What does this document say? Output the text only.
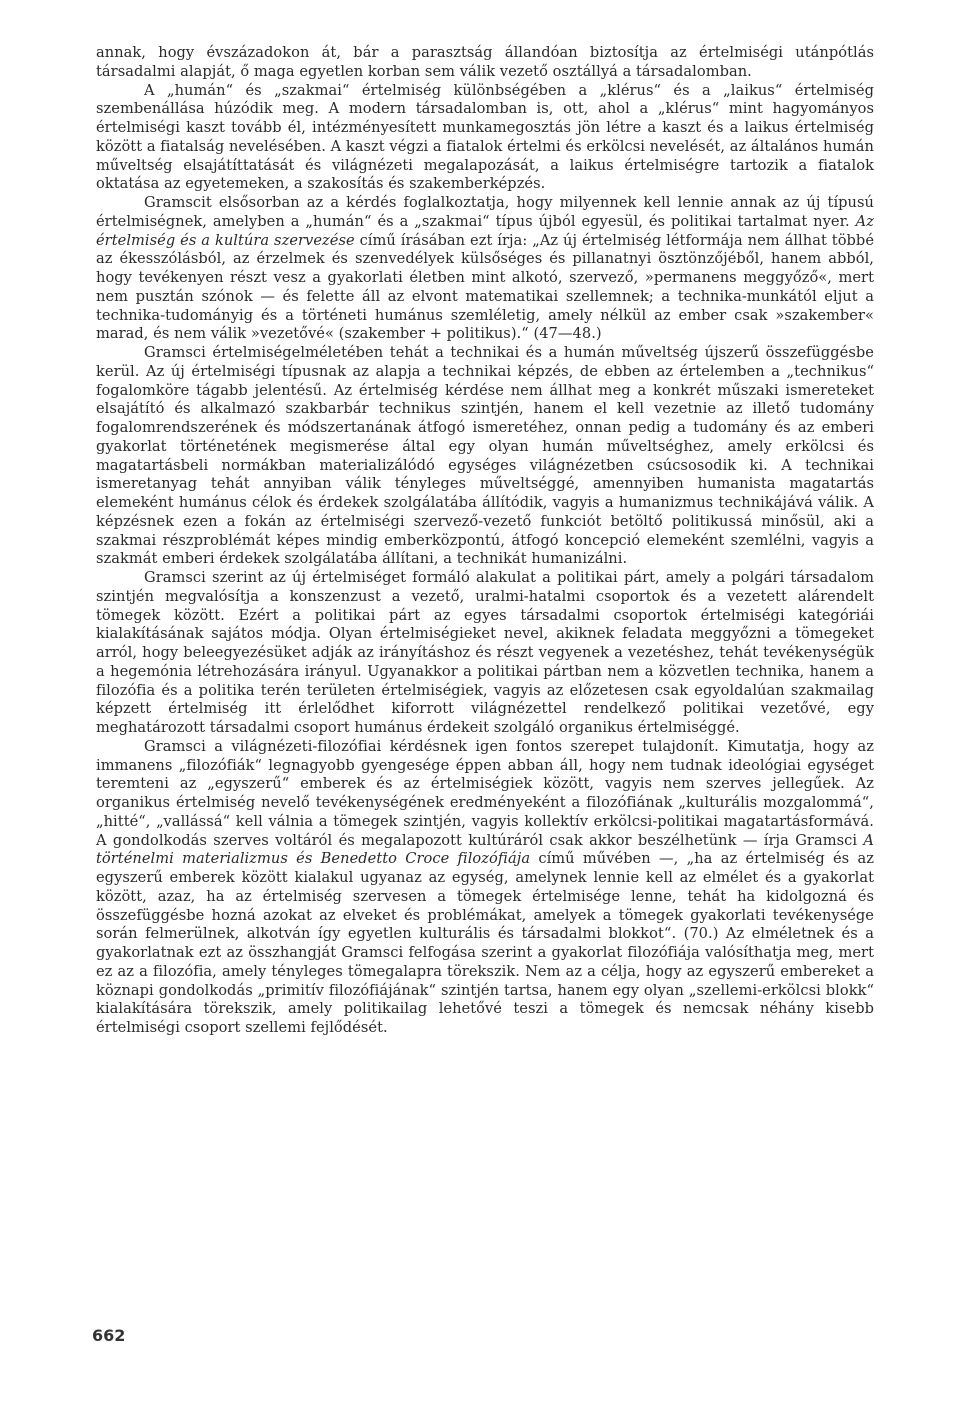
annak, hogy évszázadokon át, bár a parasztság állandóan biztosítja az értelmiségi utánpótlás társadalmi alapját, ő maga egyetlen korban sem válik vezető osztállyá a társadalomban.

A „humán“ és „szakmai“ értelmiség különbségében a „klérus“ és a „laikus“ értelmiség szembenállása húzódik meg. A modern társadalomban is, ott, ahol a „klérus“ mint hagyományos értelmiségi kaszt tovább él, intézményesített munkamegosztás jön létre a kaszt és a laikus értelmiség között a fiatalság nevelésében. A kaszt végzi a fiatalok értelmi és erkölcsi nevelését, az általános humán műveltség elsajátíttatását és világnézeti megalapozását, a laikus értelmiségre tartozik a fiatalok oktatása az egyetemeken, a szakosítás és szakemberképzés.

Gramscit elsősorban az a kérdés foglalkoztatja, hogy milyennek kell lennie annak az új típusú értelmiségnek, amelyben a „humán“ és a „szakmai“ típus újból egyesül, és politikai tartalmat nyer. Az értelmiség és a kultúra szervezése című írásában ezt írja: „Az új értelmiség létformája nem állhat többé az ékesszólásból, az érzelmek és szenvedélyek külsőséges és pillanatnyi ösztönzőjéből, hanem abból, hogy tevékenyen részt vesz a gyakorlati életben mint alkotó, szervező, »permanens meggyőző«, mert nem pusztán szónok — és felette áll az elvont matematikai szellemnek; a technika-munkától eljut a technika-tudományig és a történeti humánus szemléletig, amely nélkül az ember csak »szakember« marad, és nem válik »vezetővé« (szakember + politikus).“ (47—48.)

Gramsci értelmiségelméletében tehát a technikai és a humán műveltség újszerű összefüggésbe kerül. Az új értelmiségi típusnak az alapja a technikai képzés, de ebben az értelemben a „technikus“ fogalomköre tágabb jelentésű. Az értelmiség kérdése nem állhat meg a konkrét műszaki ismereteket elsajátító és alkalmazó szakbarbár technikus szintjén, hanem el kell vezetnie az illető tudomány fogalomrendszerének és módszertanának átfogó ismeretéhez, onnan pedig a tudomány és az emberi gyakorlat történetének megismerése által egy olyan humán műveltséghez, amely erkölcsi és magatartásbeli normákban materializálódó egységes világnézetben csúcsosodik ki. A technikai ismeretanyag tehát annyiban válik tényleges műveltséggé, amennyiben humanista magatartás elemeként humánus célok és érdekek szolgálatába állítódik, vagyis a humanizmus technikájává válik. A képzésnek ezen a fokán az értelmiségi szervező-vezető funkciót betöltő politikussá minősül, aki a szakmai részproblémát képes mindig emberközpontú, átfogó koncepció elemeként szemlélni, vagyis a szakmát emberi érdekek szolgálatába állítani, a technikát humanizálni.

Gramsci szerint az új értelmiséget formáló alakulat a politikai párt, amely a polgári társadalom szintjén megvalósítja a konszenzust a vezető, uralmi-hatalmi csoportok és a vezetett alárendelt tömegek között. Ezért a politikai párt az egyes társadalmi csoportok értelmiségi kategóriái kialakításának sajátos módja. Olyan értelmiségieket nevel, akiknek feladata meggyőzni a tömegeket arról, hogy beleegyezésüket adják az irányításhoz és részt vegyenek a vezetéshez, tehát tevékenységük a hegemónia létrehozására irányul. Ugyanakkor a politikai pártban nem a közvetlen technika, hanem a filozófia és a politika terén területen értelmiségiek, vagyis az előzetesen csak egyoldalúan szakmailag képzett értelmiség itt érlelődhet kiforrott világnézettel rendelkező politikai vezetővé, egy meghatározott társadalmi csoport humánus érdekeit szolgáló organikus értelmiséggé.

Gramsci a világnézeti-filozófiai kérdésnek igen fontos szerepet tulajdonít. Kimutatja, hogy az immanens „filozófiák“ legnagyobb gyengesége éppen abban áll, hogy nem tudnak ideológiai egységet teremteni az „egyszerű“ emberek és az értelmiségiek között, vagyis nem szerves jellegűek. Az organikus értelmiség nevelő tevékenységének eredményeként a filozófiának „kulturális mozgalommá“, „hitté“, „vallássá“ kell válnia a tömegek szintjén, vagyis kollektív erkölcsi-politikai magatartásformává. A gondolkodás szerves voltáról és megalapozott kultúráról csak akkor beszélhetünk — írja Gramsci A történelmi materializmus és Benedetto Croce filozófiája című művében —, „ha az értelmiség és az egyszerű emberek között kialakul ugyanaz az egység, amelynek lennie kell az elmélet és a gyakorlat között, azaz, ha az értelmiség szervesen a tömegek értelmisége lenne, tehát ha kidolgozná és összefüggésbe hozná azokat az elveket és problémákat, amelyek a tömegek gyakorlati tevékenysége során felmerülnek, alkotván így egyetlen kulturális és társadalmi blokkot“. (70.) Az elméletnek és a gyakorlatnak ezt az összhangját Gramsci felfogása szerint a gyakorlat filozófiája valósíthatja meg, mert ez az a filozófia, amely tényleges tömegalapra törekszik. Nem az a célja, hogy az egyszerű embereket a köznapi gondolkodás „primitív filozófiájának“ szintjén tartsa, hanem egy olyan „szellemi-erkölcsi blokk“ kialakítására törekszik, amely politikailag lehetővé teszi a tömegek és nemcsak néhány kisebb értelmiségi csoport szellemi fejlődését.

662
